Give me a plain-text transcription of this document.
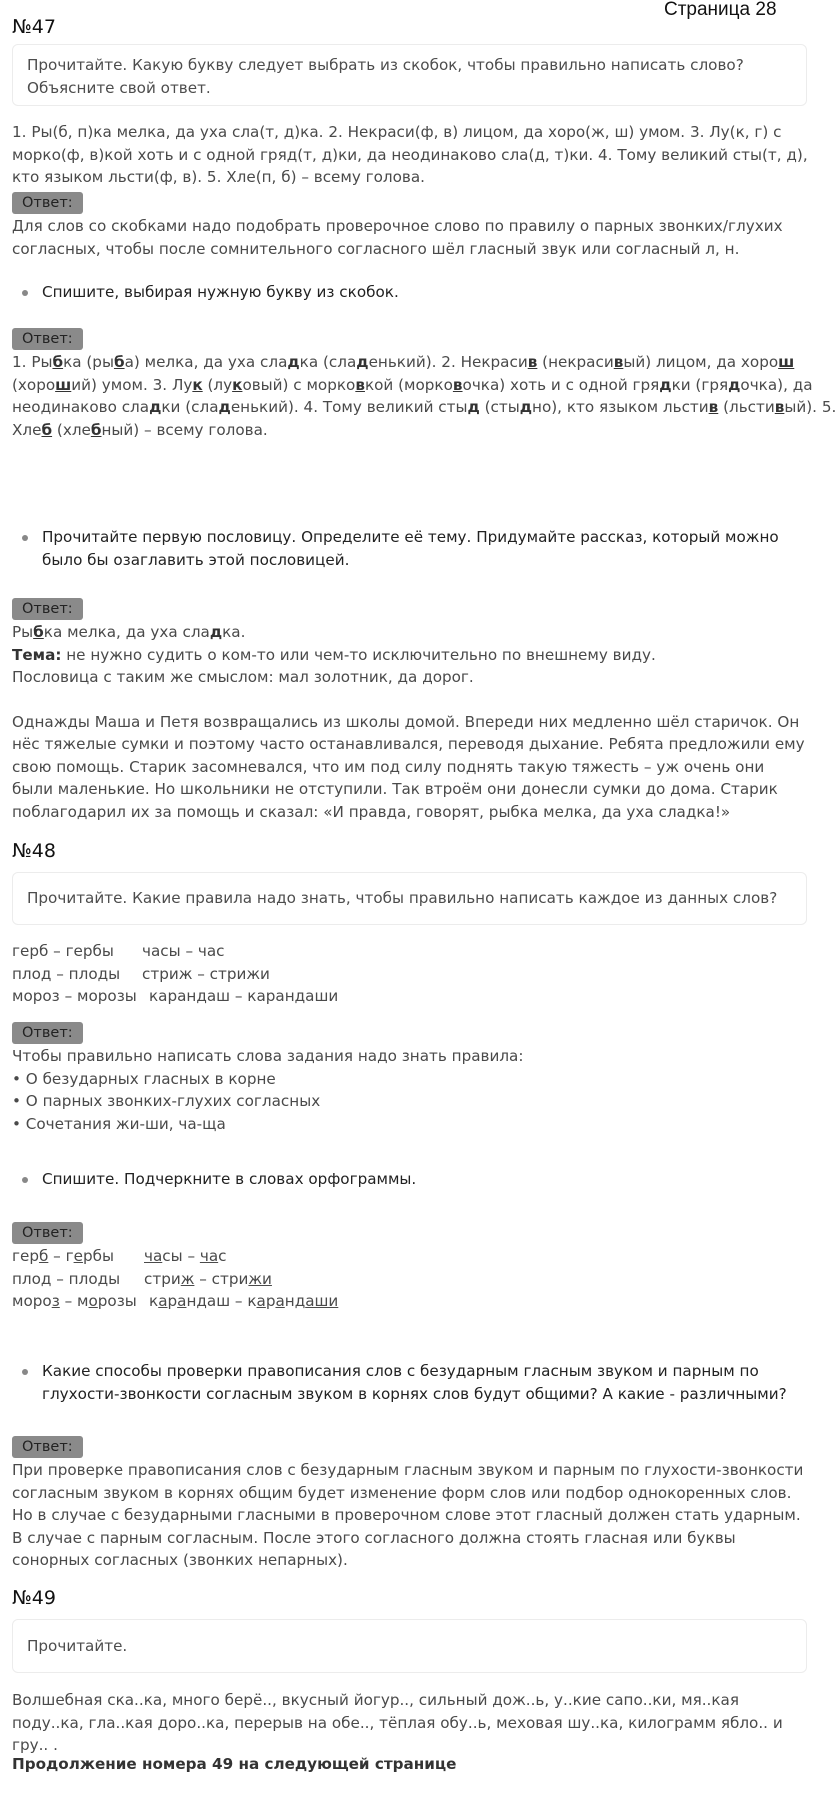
Страница 28
№47
Прочитайте. Какую букву следует выбрать из скобок, чтобы правильно написать слово? Объясните свой ответ.
1. Ры(б, п)ка мелка, да уха сла(т, д)ка. 2. Некраси(ф, в) лицом, да хоро(ж, ш) умом. 3. Лу(к, г) с морко(ф, в)кой хоть и с одной гряд(т, д)ки, да неодинаково сла(д, т)ки. 4. Тому великий сты(т, д), кто языком льсти(ф, в). 5. Хле(п, б) – всему голова.
Ответ:
Для слов со скобками надо подобрать проверочное слово по правилу о парных звонких/глухих согласных, чтобы после сомнительного согласного шёл гласный звук или согласный л, н.
Спишите, выбирая нужную букву из скобок.
Ответ:
1. Рыбка (рыба) мелка, да уха сладка (сладенький). 2. Некрасив (некрасивый) лицом, да хорош
(хороший) умом. 3. Лук (луковый) с морковкой (морковочка) хоть и с одной грядки (грядочка), да
неодинаково сладки (сладенький). 4. Тому великий стыд (стыдно), кто языком льстив (льстивый). 5.
Хлеб (хлебный) – всему голова.
Прочитайте первую пословицу. Определите её тему. Придумайте рассказ, который можно было бы озаглавить этой пословицей.
Ответ:
Рыбка мелка, да уха сладка.
Тема: не нужно судить о ком-то или чем-то исключительно по внешнему виду.
Пословица с таким же смыслом: мал золотник, да дорог.
Однажды Маша и Петя возвращались из школы домой. Впереди них медленно шёл старичок. Он нёс тяжелые сумки и поэтому часто останавливался, переводя дыхание. Ребята предложили ему свою помощь. Старик засомневался, что им под силу поднять такую тяжесть – уж очень они были маленькие. Но школьники не отступили. Так втроём они донесли сумки до дома. Старик поблагодарил их за помощь и сказал: «И правда, говорят, рыбка мелка, да уха сладка!»
№48
Прочитайте. Какие правила надо знать, чтобы правильно написать каждое из данных слов?
герб – гербы часы – час
плод – плоды стриж – стрижи
мороз – морозы карандаш – карандаши
Ответ:
Чтобы правильно написать слова задания надо знать правила:
• О безударных гласных в корне
• О парных звонких-глухих согласных
• Сочетания жи-ши, ча-ща
Спишите. Подчеркните в словах орфограммы.
Ответ:
герб – гербы часы – час
плод – плоды стриж – стрижи
мороз – морозы карандаш – карандаши
Какие способы проверки правописания слов с безударным гласным звуком и парным по глухости-звонкости согласным звуком в корнях слов будут общими? А какие - различными?
Ответ:
При проверке правописания слов с безударным гласным звуком и парным по глухости-звонкости согласным звуком в корнях общим будет изменение форм слов или подбор однокоренных слов. Но в случае с безударными гласными в проверочном слове этот гласный должен стать ударным. В случае с парным согласным. После этого согласного должна стоять гласная или буквы сонорных согласных (звонких непарных).
№49
Прочитайте.
Волшебная ска..ка, много берё.., вкусный йогур.., сильный дож..ь, у..кие сапо..ки, мя..кая поду..ка, гла..кая доро..ка, перерыв на обе.., тёплая обу..ь, меховая шу..ка, килограмм ябло.. и гру.. .
Продолжение номера 49 на следующей странице
